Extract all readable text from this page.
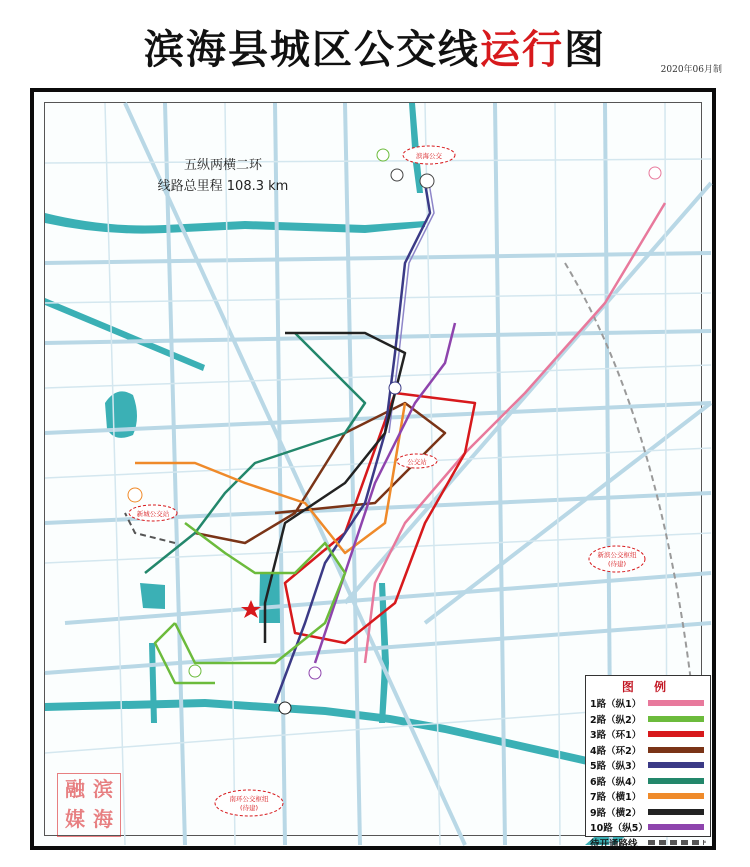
滨海县城区公交线运行图	2020年06月制
滨海公交
新城公交站
公交站
新滨公交枢纽
(待建)
南环公交枢纽
(待建)
五纵两横二环
线路总里程 108.3 km
融 滨
媒 海
图 例
1路（纵1）
2路（纵2）
3路（环1）
4路（环2）
5路（纵3）
6路（纵4）
7路（横1）
9路（横2）
10路（纵5）
待开通路线
